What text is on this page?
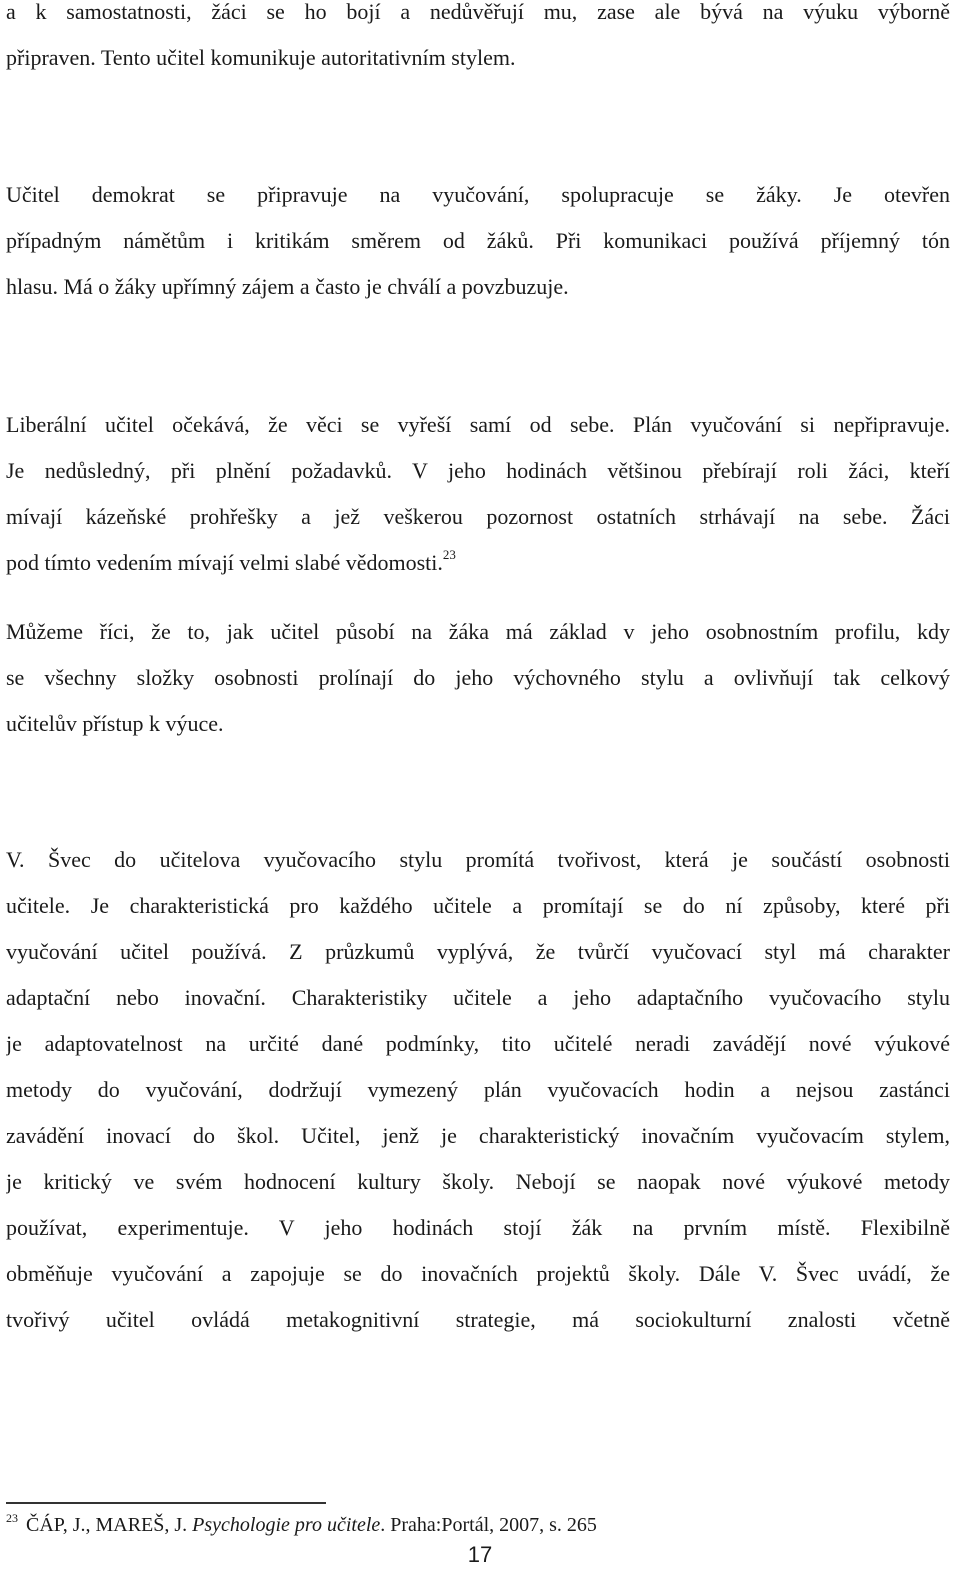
a k samostatnosti, žáci se ho bojí a nedůvěřují mu, zase ale bývá na výuku výborně
připraven. Tento učitel komunikuje autoritativním stylem.

Učitel demokrat se připravuje na vyučování, spolupracuje se žáky. Je otevřen
případným námětům i kritikám směrem od žáků. Při komunikaci používá příjemný tón
hlasu. Má o žáky upřímný zájem a často je chválí a povzbuzuje.

Liberální učitel očekává, že věci se vyřeší samí od sebe. Plán vyučování si nepřipravuje.
Je nedůsledný, při plnění požadavků. V jeho hodinách většinou přebírají roli žáci, kteří
mívají kázeňské prohřešky a jež veškerou pozornost ostatních strhávají na sebe. Žáci
pod tímto vedením mívají velmi slabé vědomosti.$^{23}$

Můžeme říci, že to, jak učitel působí na žáka má základ v jeho osobnostním profilu, kdy
se všechny složky osobnosti prolínají do jeho výchovného stylu a ovlivňují tak celkový
učitelův přístup k výuce.

V. Švec do učitelova vyučovacího stylu promítá tvořivost, která je součástí osobnosti
učitele. Je charakteristická pro každého učitele a promítají se do ní způsoby, které při
vyučování učitel používá. Z průzkumů vyplývá, že tvůrčí vyučovací styl má charakter
adaptační nebo inovační. Charakteristiky učitele a jeho adaptačního vyučovacího stylu
je adaptovatelnost na určité dané podmínky, tito učitelé neradi zavádějí nové výukové
metody do vyučování, dodržují vymezený plán vyučovacích hodin a nejsou zastánci
zavádění inovací do škol. Učitel, jenž je charakteristický inovačním vyučovacím stylem,
je kritický ve svém hodnocení kultury školy. Nebojí se naopak nové výukové metody
používat, experimentuje. V jeho hodinách stojí žák na prvním místě. Flexibilně
obměňuje vyučování a zapojuje se do inovačních projektů školy. Dále V. Švec uvádí, že
tvořivý učitel ovládá metakognitivní strategie, má sociokulturní znalosti včetně

$^{23}$ ČÁP, J., MAREŠ, J. Psychologie pro učitele. Praha:Portál, 2007, s. 265
17
